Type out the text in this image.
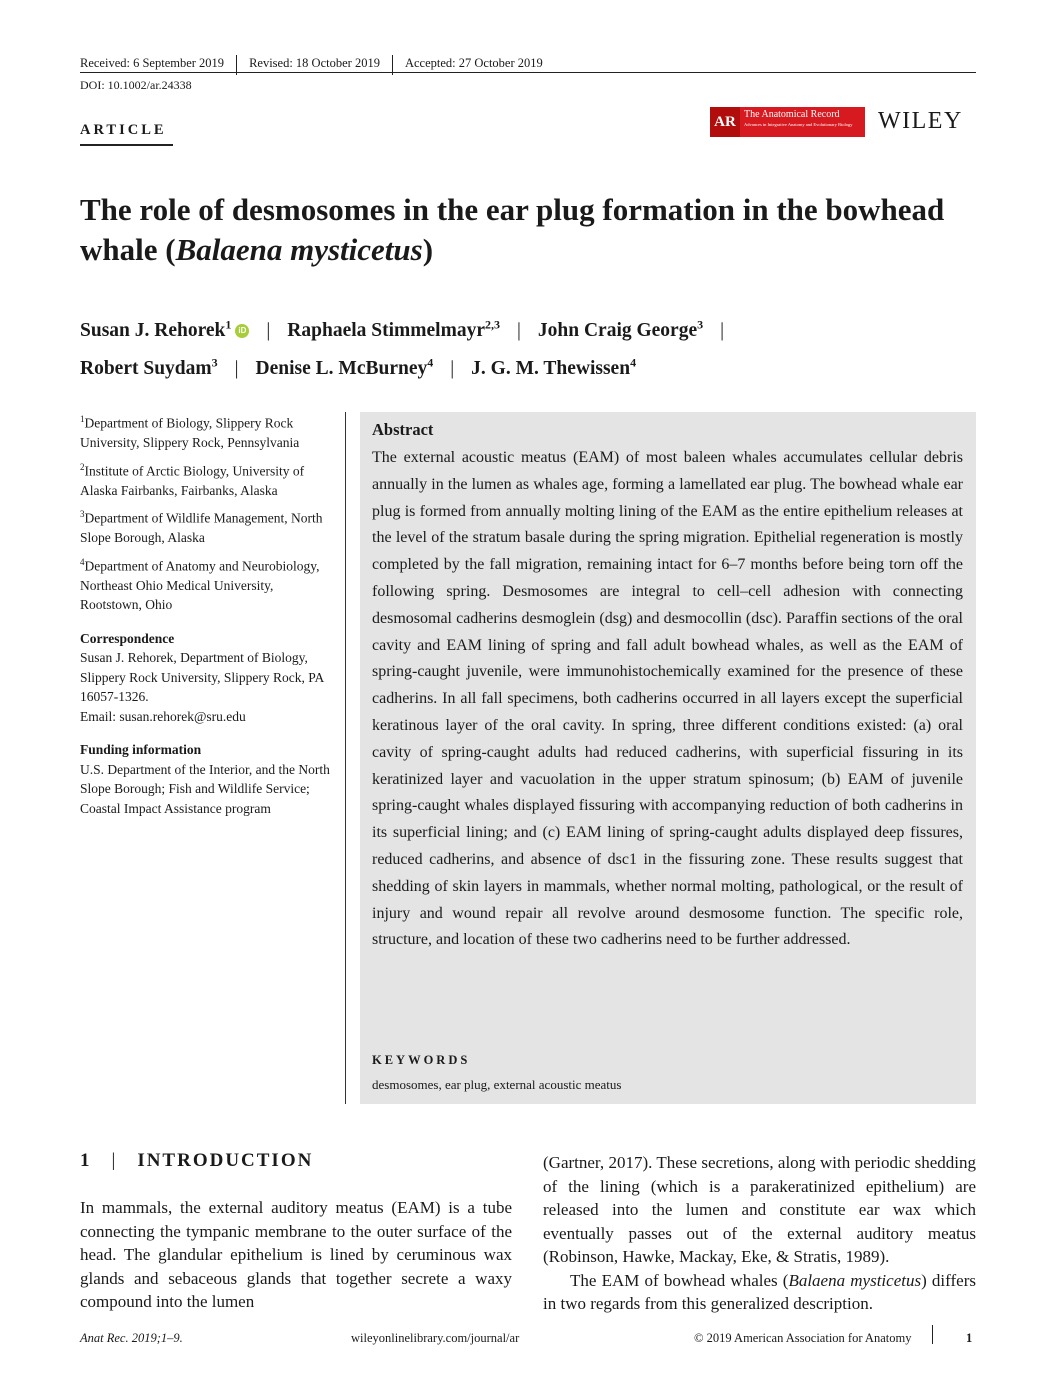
Received: 6 September 2019 Revised: 18 October 2019 Accepted: 27 October 2019
DOI: 10.1002/ar.24338
ARTICLE
AR The Anatomical Record
Advances in Integrative Anatomy and Evolutionary Biology	WILEY
The role of desmosomes in the ear plug formation in the bowhead whale (Balaena mysticetus)
Susan J. Rehorek$^1$ iD | Raphaela Stimmelmayr$^{2,3}$ | John Craig George$^3$ |
Robert Suydam$^3$ | Denise L. McBurney$^4$ | J. G. M. Thewissen$^4$
$^1$Department of Biology, Slippery Rock University, Slippery Rock, Pennsylvania
$^2$Institute of Arctic Biology, University of Alaska Fairbanks, Fairbanks, Alaska
$^3$Department of Wildlife Management, North Slope Borough, Alaska
$^4$Department of Anatomy and Neurobiology, Northeast Ohio Medical University, Rootstown, Ohio
Correspondence
Susan J. Rehorek, Department of Biology, Slippery Rock University, Slippery Rock, PA 16057-1326.
Email: susan.rehorek@sru.edu
Funding information
U.S. Department of the Interior, and the North Slope Borough; Fish and Wildlife Service; Coastal Impact Assistance program
Abstract
The external acoustic meatus (EAM) of most baleen whales accumulates cellular debris annually in the lumen as whales age, forming a lamellated ear plug. The bowhead whale ear plug is formed from annually molting lining of the EAM as the entire epithelium releases at the level of the stratum basale during the spring migration. Epithelial regeneration is mostly completed by the fall migration, remaining intact for 6–7 months before being torn off the following spring. Desmosomes are integral to cell–cell adhesion with connecting desmosomal cadherins desmoglein (dsg) and desmocollin (dsc). Paraffin sections of the oral cavity and EAM lining of spring and fall adult bowhead whales, as well as the EAM of spring-caught juvenile, were immunohistochemically examined for the presence of these cadherins. In all fall specimens, both cadherins occurred in all layers except the superficial keratinous layer of the oral cavity. In spring, three different conditions existed: (a) oral cavity of spring-caught adults had reduced cadherins, with superficial fissuring in its keratinized layer and vacuolation in the upper stratum spinosum; (b) EAM of juvenile spring-caught whales displayed fissuring with accompanying reduction of both cadherins in its superficial lining; and (c) EAM lining of spring-caught adults displayed deep fissures, reduced cadherins, and absence of dsc1 in the fissuring zone. These results suggest that shedding of skin layers in mammals, whether normal molting, pathological, or the result of injury and wound repair all revolve around desmosome function. The specific role, structure, and location of these two cadherins need to be further addressed.
KEYWORDS
desmosomes, ear plug, external acoustic meatus
1 | INTRODUCTION
In mammals, the external auditory meatus (EAM) is a tube connecting the tympanic membrane to the outer surface of the head. The glandular epithelium is lined by ceruminous wax glands and sebaceous glands that together secrete a waxy compound into the lumen

(Gartner, 2017). These secretions, along with periodic shedding of the lining (which is a parakeratinized epithelium) are released into the lumen and constitute ear wax which eventually passes out of the external auditory meatus (Robinson, Hawke, Mackay, Eke, & Stratis, 1989).

The EAM of bowhead whales (Balaena mysticetus) differs in two regards from this generalized description.

Anat Rec. 2019;1–9.	wileyonlinelibrary.com/journal/ar	© 2019 American Association for Anatomy	1
